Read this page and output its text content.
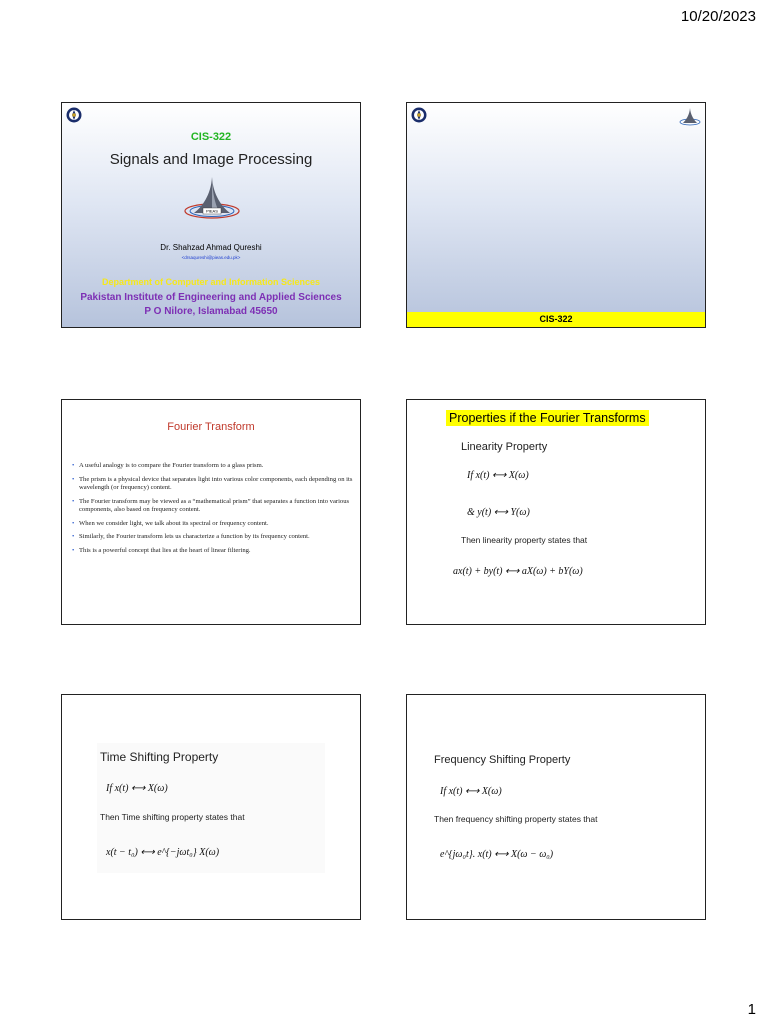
10/20/2023
CIS-322
Signals and Image Processing
PIEAS
Dr. Shahzad Ahmad Qureshi
<drsaqureshi@pieas.edu.pk>
Department of Computer and Information Sciences
Pakistan Institute of Engineering and Applied Sciences
P O Nilore, Islamabad 45650
CIS-322
Fourier Transform
• A useful analogy is to compare the Fourier transform to a glass prism.
• The prism is a physical device that separates light into various color components, each depending on its wavelength (or frequency) content.
• The Fourier transform may be viewed as a “mathematical prism” that separates a function into various components, also based on frequency content.
• When we consider light, we talk about its spectral or frequency content.
• Similarly, the Fourier transform lets us characterize a function by its frequency content.
• This is a powerful concept that lies at the heart of linear filtering.
Properties if the Fourier Transforms
Linearity Property
If x(t) ⟷ X(ω)
& y(t) ⟷ Y(ω)
Then linearity property states that
ax(t) + by(t) ⟷ aX(ω) + bY(ω)
Time Shifting Property
If x(t) ⟷ X(ω)
Then Time shifting property states that
x(t − t₀) ⟷ e^{−jωt₀} X(ω)
Frequency Shifting Property
If x(t) ⟷ X(ω)
Then frequency shifting property states that
e^{jω₀t}. x(t) ⟷ X(ω − ω₀)
1
